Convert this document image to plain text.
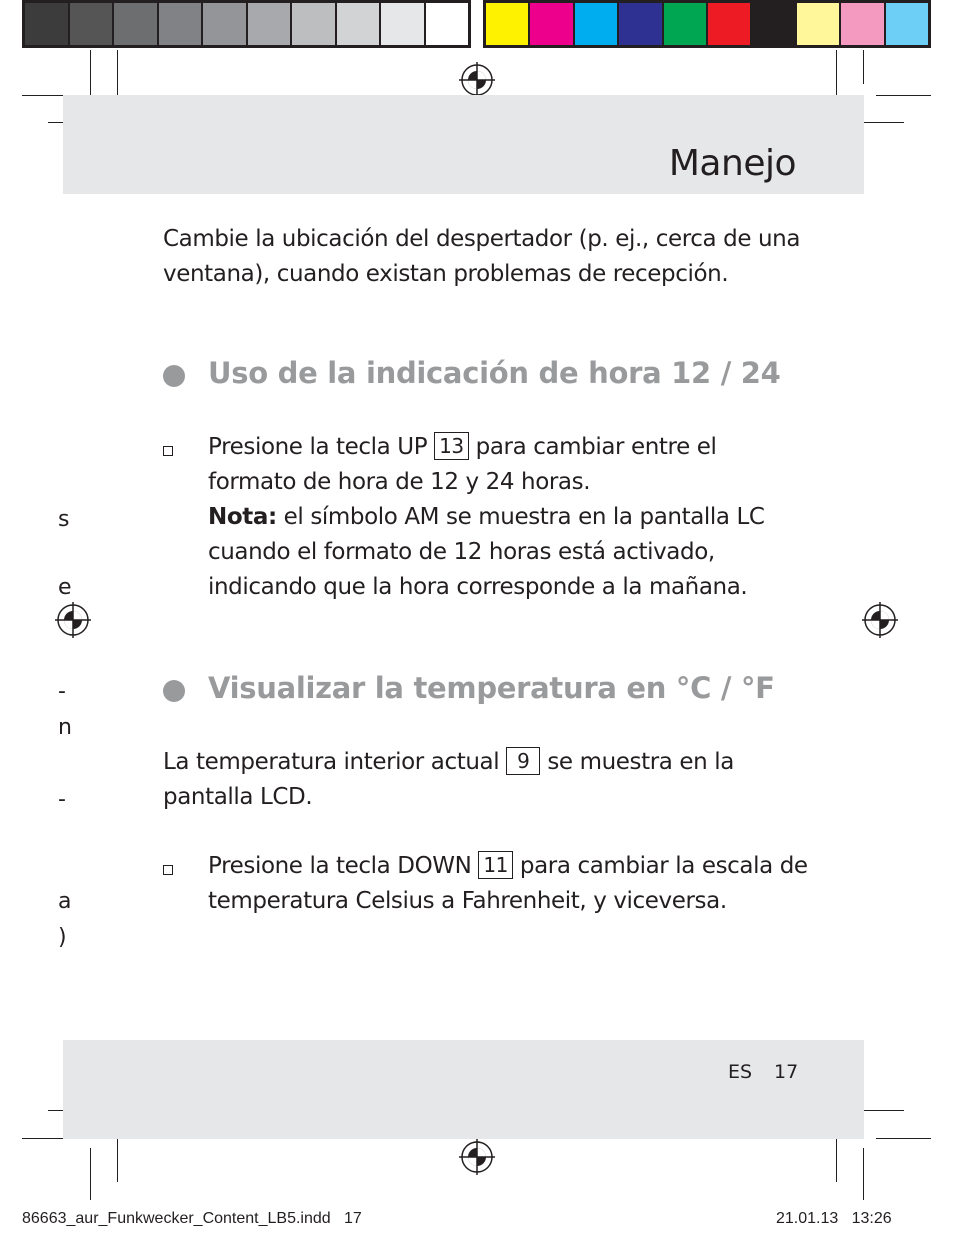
Manejo
Cambie la ubicación del despertador (p. ej., cerca de una ventana), cuando existan problemas de recepción.
Uso de la indicación de hora 12 / 24
Presione la tecla UP 13 para cambiar entre el formato de hora de 12 y 24 horas.
Nota: el símbolo AM se muestra en la pantalla LC cuando el formato de 12 horas está activado, indicando que la hora corresponde a la mañana.
Visualizar la temperatura en °C / °F
La temperatura interior actual 9 se muestra en la pantalla LCD.
Presione la tecla DOWN 11 para cambiar la escala de temperatura Celsius a Fahrenheit, y viceversa.
s
e
-
n
-
a
)
ES 17
86663_aur_Funkwecker_Content_LB5.indd   17	21.01.13   13:26
